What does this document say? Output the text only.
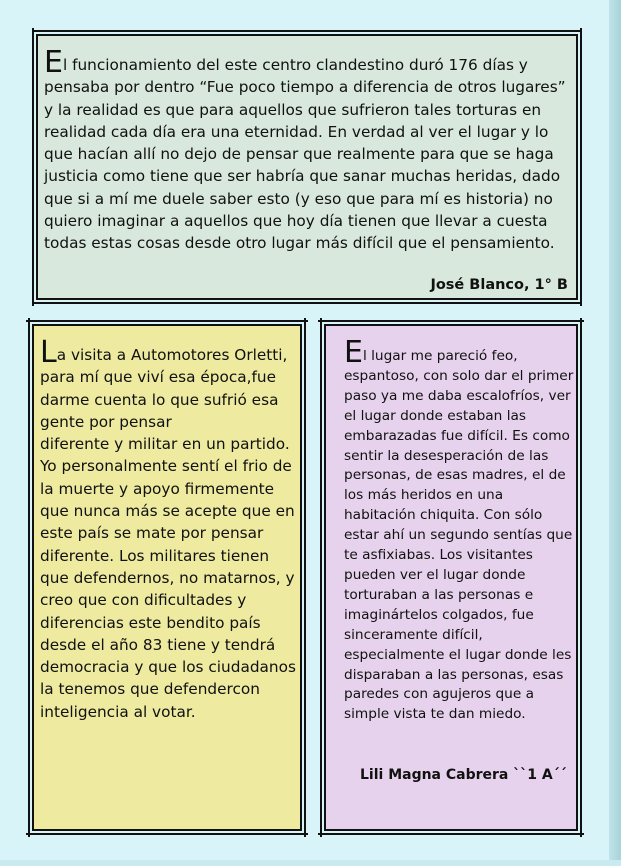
El funcionamiento del este centro clandestino duró 176 días y pensaba por dentro “Fue poco tiempo a diferencia de otros lugares” y la realidad es que para aquellos que sufrieron tales torturas en realidad cada día era una eternidad. En verdad al ver el lugar y lo que hacían allí no dejo de pensar que realmente para que se haga justicia como tiene que ser habría que sanar muchas heridas, dado que si a mí me duele saber esto (y eso que para mí es historia) no quiero imaginar a aquellos que hoy día tienen que llevar a cuesta todas estas cosas desde otro lugar más difícil que el pensamiento.

José Blanco, 1° B

La visita a Automotores Orletti, para mí que viví esa época,fue darme cuenta lo que sufrió esa gente por pensar
diferente y militar en un partido. Yo personalmente sentí el frio de la muerte y apoyo firmemente que nunca más se acepte que en este país se mate por pensar diferente. Los militares tienen que defendernos, no matarnos, y creo que con dificultades y diferencias este bendito país
desde el año 83 tiene y tendrá democracia y que los ciudadanos la tenemos que defendercon inteligencia al votar.

El lugar me pareció feo, espantoso, con solo dar el primer paso ya me daba escalofríos, ver el lugar donde estaban las embarazadas fue difícil. Es como sentir la desesperación de las personas, de esas madres, el de los más heridos en una habitación chiquita. Con sólo estar ahí un segundo sentías que te asfixiabas. Los visitantes pueden ver el lugar donde torturaban a las personas e imaginártelos colgados, fue sinceramente difícil, especialmente el lugar donde les disparaban a las personas, esas paredes con agujeros que a simple vista te dan miedo.

Lili Magna Cabrera ``1 A´´
